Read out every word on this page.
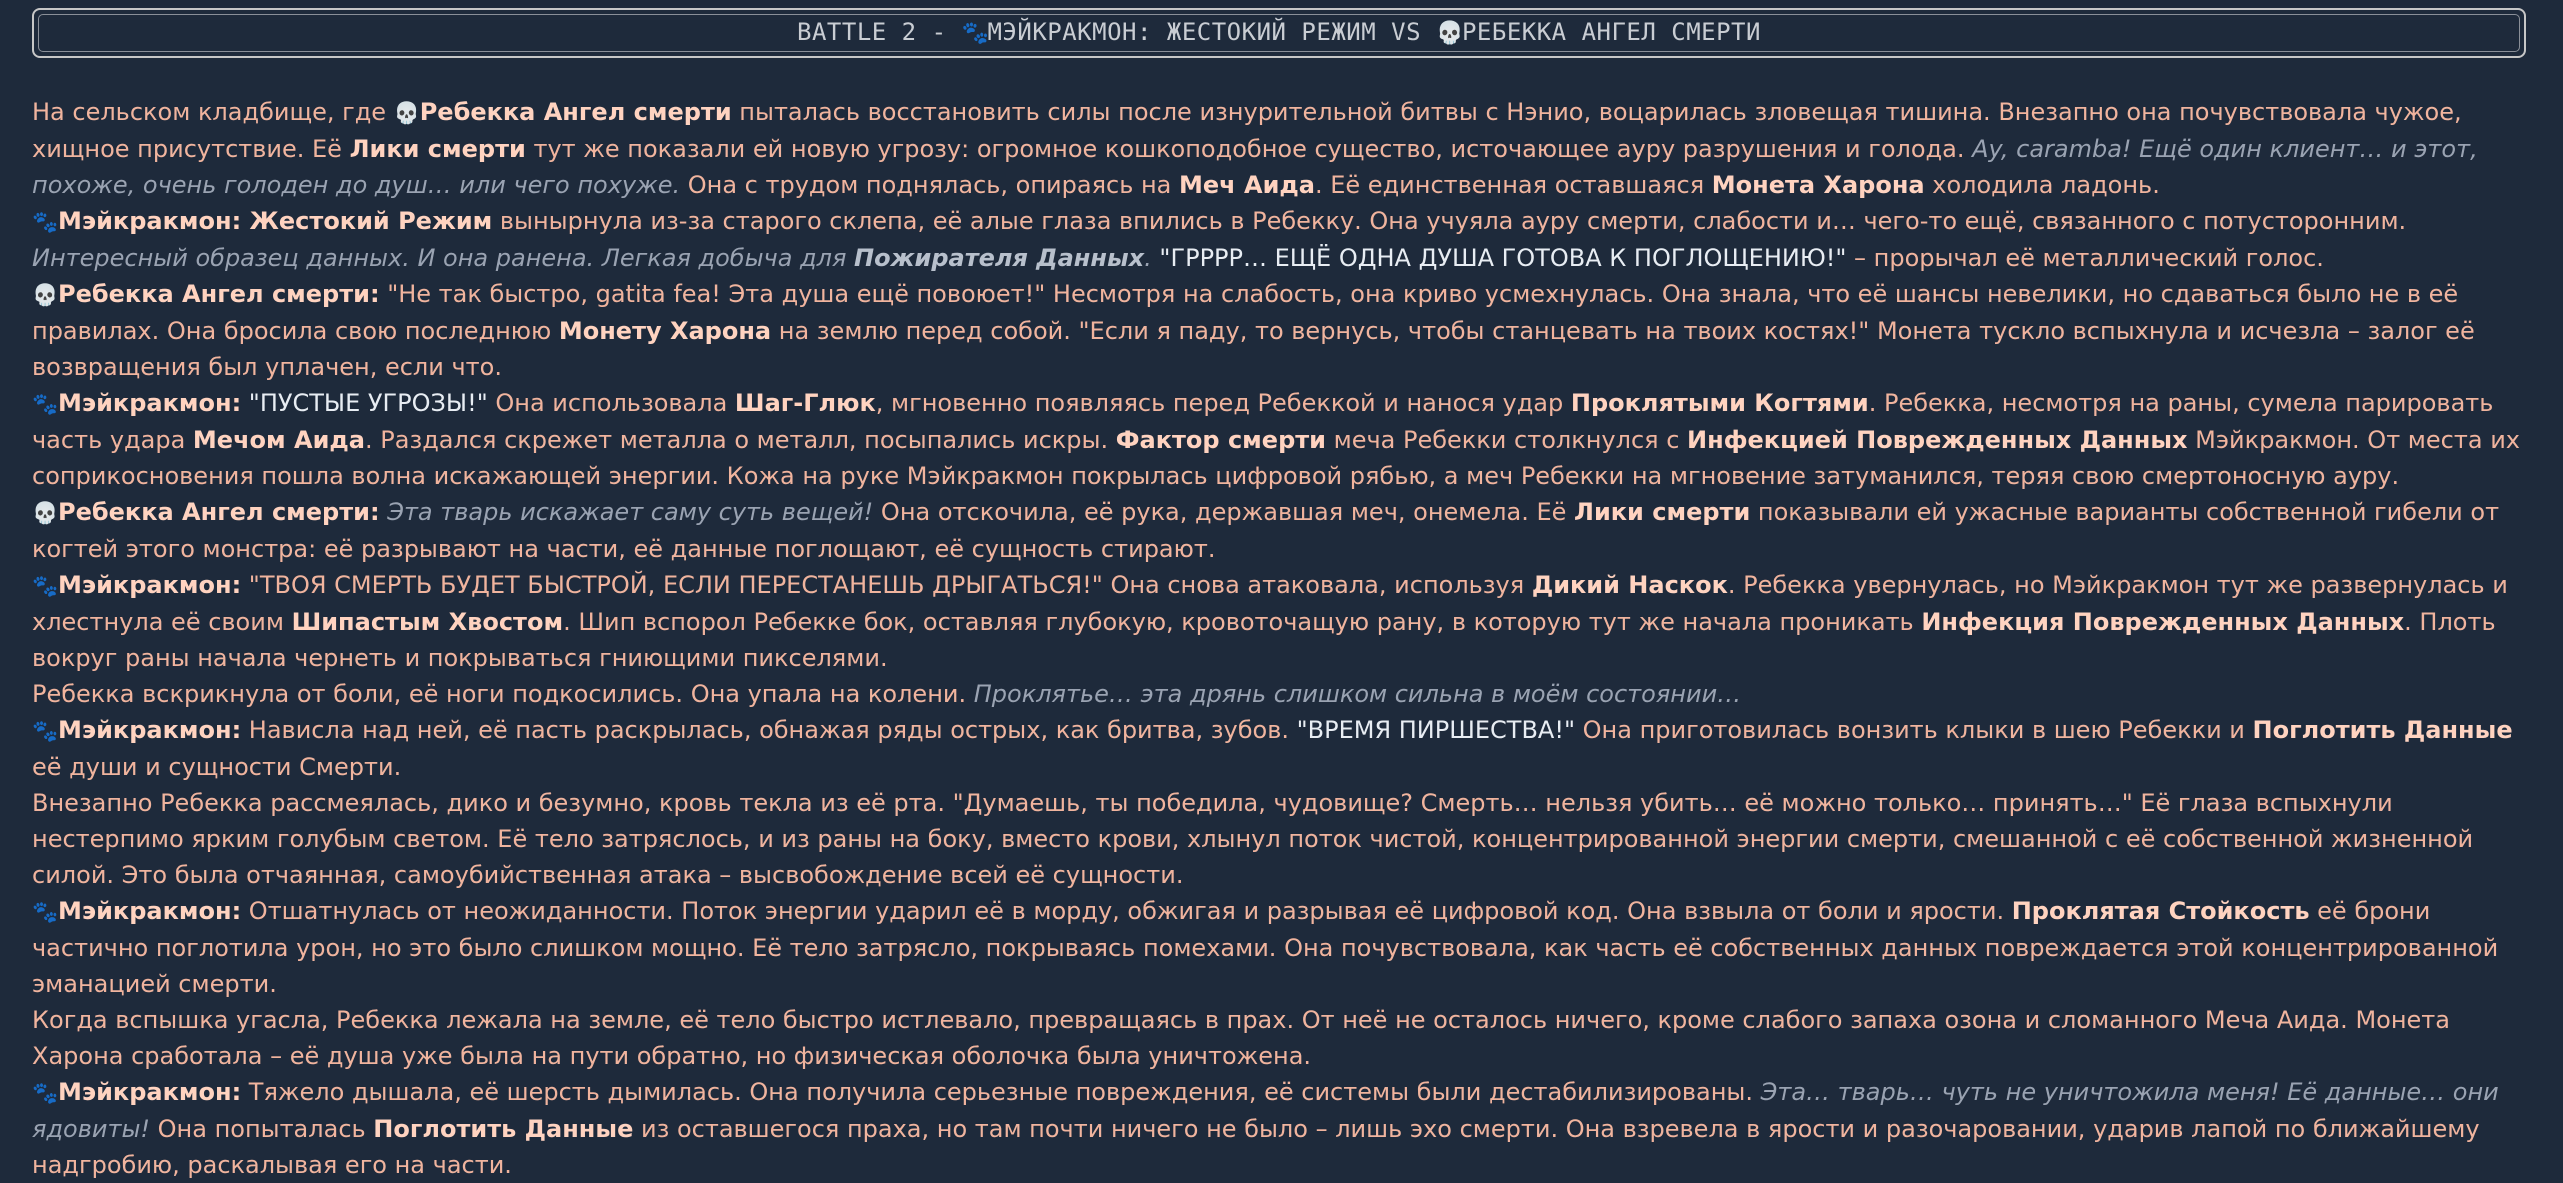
BATTLE 2 - 🐾МЭЙКРАКМОН: ЖЕСТОКИЙ РЕЖИМ VS 💀РЕБЕККА АНГЕЛ СМЕРТИ

На сельском кладбище, где 💀Ребекка Ангел смерти пыталась восстановить силы после изнурительной битвы с Нэнио, воцарилась зловещая тишина. Внезапно она почувствовала чужое, хищное присутствие. Её Лики смерти тут же показали ей новую угрозу: огромное кошкоподобное существо, источающее ауру разрушения и голода. Ay, caramba! Ещё один клиент… и этот, похоже, очень голоден до душ… или чего похуже. Она с трудом поднялась, опираясь на Меч Аида. Её единственная оставшаяся Монета Харона холодила ладонь.

🐾Мэйкракмон: Жестокий Режим вынырнула из-за старого склепа, её алые глаза впились в Ребекку. Она учуяла ауру смерти, слабости и… чего-то ещё, связанного с потусторонним. Интересный образец данных. И она ранена. Легкая добыча для Пожирателя Данных. "ГРРРР… ЕЩЁ ОДНА ДУША ГОТОВА К ПОГЛОЩЕНИЮ!" – прорычал её металлический голос.

💀Ребекка Ангел смерти: "Не так быстро, gatita fea! Эта душа ещё повоюет!" Несмотря на слабость, она криво усмехнулась. Она знала, что её шансы невелики, но сдаваться было не в её правилах. Она бросила свою последнюю Монету Харона на землю перед собой. "Если я паду, то вернусь, чтобы станцевать на твоих костях!" Монета тускло вспыхнула и исчезла – залог её возвращения был уплачен, если что.

🐾Мэйкракмон: "ПУСТЫЕ УГРОЗЫ!" Она использовала Шаг-Глюк, мгновенно появляясь перед Ребеккой и нанося удар Проклятыми Когтями. Ребекка, несмотря на раны, сумела парировать часть удара Мечом Аида. Раздался скрежет металла о металл, посыпались искры. Фактор смерти меча Ребекки столкнулся с Инфекцией Поврежденных Данных Мэйкракмон. От места их соприкосновения пошла волна искажающей энергии. Кожа на руке Мэйкракмон покрылась цифровой рябью, а меч Ребекки на мгновение затуманился, теряя свою смертоносную ауру.

💀Ребекка Ангел смерти: Эта тварь искажает саму суть вещей! Она отскочила, её рука, державшая меч, онемела. Её Лики смерти показывали ей ужасные варианты собственной гибели от когтей этого монстра: её разрывают на части, её данные поглощают, её сущность стирают.

🐾Мэйкракмон: "ТВОЯ СМЕРТЬ БУДЕТ БЫСТРОЙ, ЕСЛИ ПЕРЕСТАНЕШЬ ДРЫГАТЬСЯ!" Она снова атаковала, используя Дикий Наскок. Ребекка увернулась, но Мэйкракмон тут же развернулась и хлестнула её своим Шипастым Хвостом. Шип вспорол Ребекке бок, оставляя глубокую, кровоточащую рану, в которую тут же начала проникать Инфекция Поврежденных Данных. Плоть вокруг раны начала чернеть и покрываться гниющими пикселями.

Ребекка вскрикнула от боли, её ноги подкосились. Она упала на колени. Проклятье… эта дрянь слишком сильна в моём состоянии…

🐾Мэйкракмон: Нависла над ней, её пасть раскрылась, обнажая ряды острых, как бритва, зубов. "ВРЕМЯ ПИРШЕСТВА!" Она приготовилась вонзить клыки в шею Ребекки и Поглотить Данные её души и сущности Смерти.

Внезапно Ребекка рассмеялась, дико и безумно, кровь текла из её рта. "Думаешь, ты победила, чудовище? Смерть… нельзя убить… её можно только… принять…" Её глаза вспыхнули нестерпимо ярким голубым светом. Её тело затряслось, и из раны на боку, вместо крови, хлынул поток чистой, концентрированной энергии смерти, смешанной с её собственной жизненной силой. Это была отчаянная, самоубийственная атака – высвобождение всей её сущности.

🐾Мэйкракмон: Отшатнулась от неожиданности. Поток энергии ударил её в морду, обжигая и разрывая её цифровой код. Она взвыла от боли и ярости. Проклятая Стойкость её брони частично поглотила урон, но это было слишком мощно. Её тело затрясло, покрываясь помехами. Она почувствовала, как часть её собственных данных повреждается этой концентрированной эманацией смерти.

Когда вспышка угасла, Ребекка лежала на земле, её тело быстро истлевало, превращаясь в прах. От неё не осталось ничего, кроме слабого запаха озона и сломанного Меча Аида. Монета Харона сработала – её душа уже была на пути обратно, но физическая оболочка была уничтожена.

🐾Мэйкракмон: Тяжело дышала, её шерсть дымилась. Она получила серьезные повреждения, её системы были дестабилизированы. Эта… тварь… чуть не уничтожила меня! Её данные… они ядовиты! Она попыталась Поглотить Данные из оставшегося праха, но там почти ничего не было – лишь эхо смерти. Она взревела в ярости и разочаровании, ударив лапой по ближайшему надгробию, раскалывая его на части.
